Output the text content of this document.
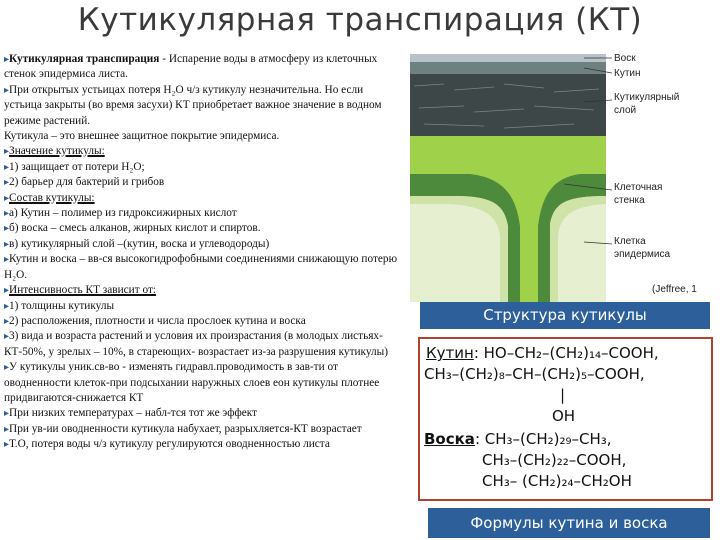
Кутикулярная транспирация (КТ)

▸ Кутикулярная транспирация - Испарение воды в атмосферу из клеточных стенок эпидермиса листа.

▸ При открытых устьицах потеря H₂O ч/з кутикулу незначительна. Но если устьица закрыты (во время засухи) КТ приобретает важное значение в водном режиме растений.

Кутикула – это внешнее защитное покрытие эпидермиса.

▸ Значение кутикулы:

▸ 1) защищает от потери H₂O;

▸ 2) барьер для бактерий и грибов

▸ Состав кутикулы:

▸ а) Кутин – полимер из гидроксижирных кислот

▸ б) воска – смесь алканов, жирных кислот и спиртов.

▸ в) кутикулярный слой –(кутин, воска и углеводороды)

▸ Кутин и воска – вв-ся высокогидрофобными соединениями снижающую потерю H₂O.

▸ Интенсивность КТ зависит от:

▸ 1) толщины кутикулы

▸ 2) расположения, плотности и числа прослоек кутина и воска

▸ 3) вида и возраста растений и условия их произрастания (в молодых листьях-КТ-50%, у зрелых – 10%, в стареющих- возрастает из-за разрушения кутикулы)

▸ У кутикулы уник.св-во - изменять гидравл.проводимость в зав-ти от оводненности клеток-при подсыхании наружных слоев еон кутикулы плотнее придвигаются-снижается КТ

▸ При низких температурах – набл-тся тот же эффект

▸ При ув-ии оводненности кутикула набухает, разрыхляется-КТ возрастает

▸ Т.О, потеря воды ч/з кутикулу регулируются оводненностью листа

Воск
Кутин
Кутикулярный
слой
Клеточная
стенка
Клетка
эпидермиса
(Jeffree, 1
Структура кутикулы
Кутин: HO–CH₂–(CH₂)₁₄–COOH,
CH₃–(CH₂)₈–CH–(CH₂)₅–COOH,
|
OH
Воска: CH₃–(CH₂)₂₉–CH₃,
CH₃–(CH₂)₂₂–COOH,
CH₃– (CH₂)₂₄–CH₂OH
Формулы кутина и воска
